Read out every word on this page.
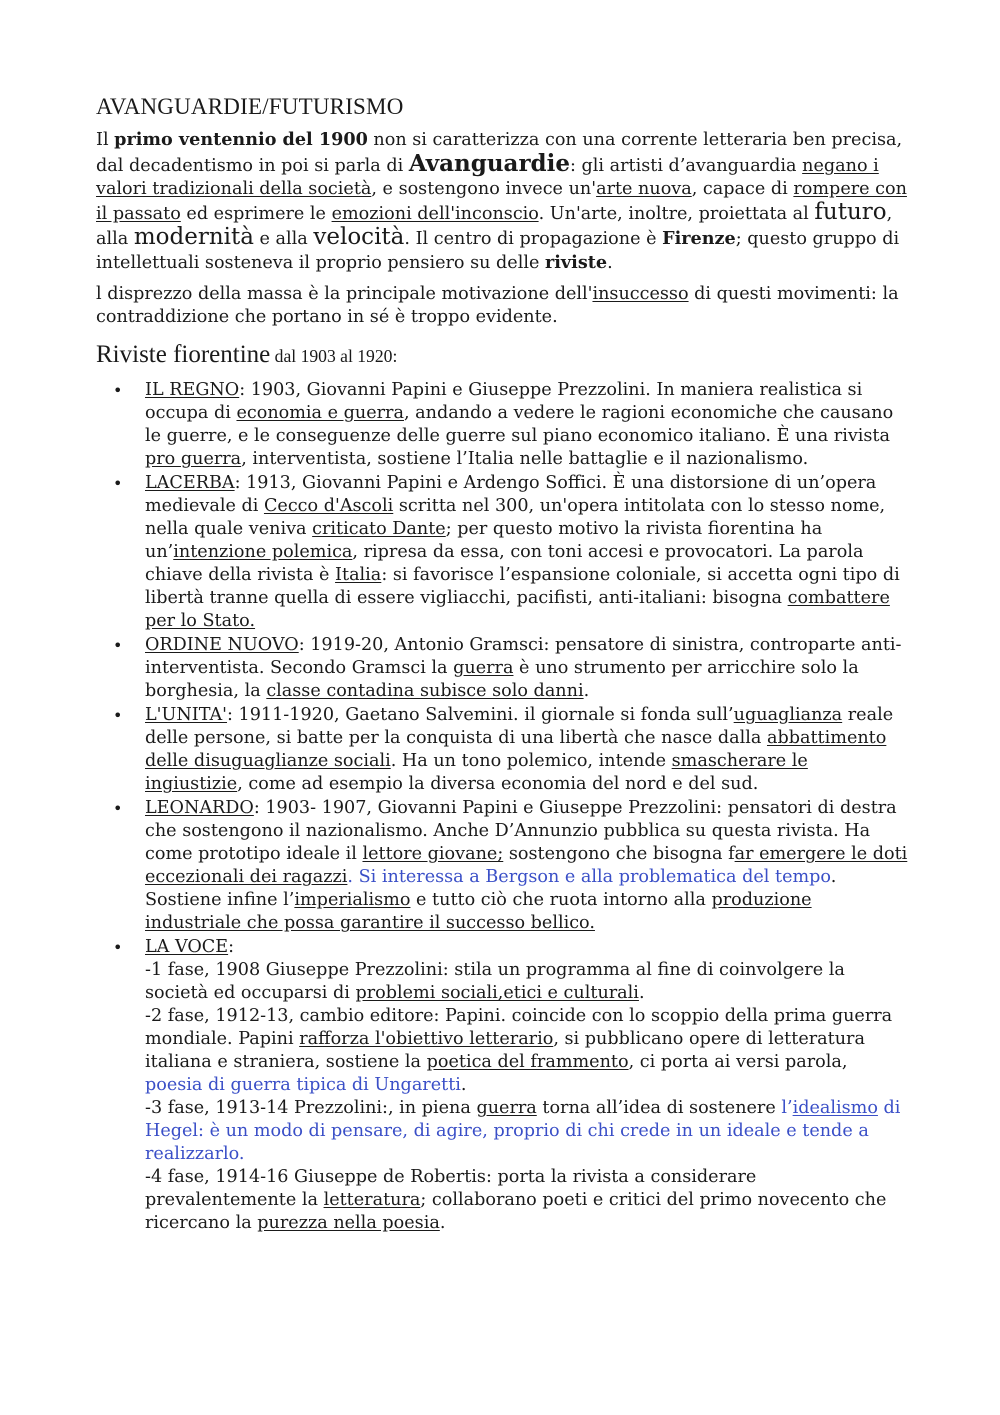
AVANGUARDIE/FUTURISMO

Il primo ventennio del 1900 non si caratterizza con una corrente letteraria ben precisa, dal decadentismo in poi si parla di Avanguardie: gli artisti d’avanguardia negano i valori tradizionali della società, e sostengono invece un'arte nuova, capace di rompere con il passato ed esprimere le emozioni dell'inconscio. Un'arte, inoltre, proiettata al futuro, alla modernità e alla velocità. Il centro di propagazione è Firenze; questo gruppo di intellettuali sosteneva il proprio pensiero su delle riviste.

l disprezzo della massa è la principale motivazione dell'insuccesso di questi movimenti: la contraddizione che portano in sé è troppo evidente.

Riviste fiorentine dal 1903 al 1920:
• IL REGNO: 1903, Giovanni Papini e Giuseppe Prezzolini. In maniera realistica si occupa di economia e guerra, andando a vedere le ragioni economiche che causano le guerre, e le conseguenze delle guerre sul piano economico italiano. È una rivista pro guerra, interventista, sostiene l’Italia nelle battaglie e il nazionalismo.
• LACERBA: 1913, Giovanni Papini e Ardengo Soffici. È una distorsione di un’opera medievale di Cecco d'Ascoli scritta nel 300, un'opera intitolata con lo stesso nome, nella quale veniva criticato Dante; per questo motivo la rivista fiorentina ha un’intenzione polemica, ripresa da essa, con toni accesi e provocatori. La parola chiave della rivista è Italia: si favorisce l’espansione coloniale, si accetta ogni tipo di libertà tranne quella di essere vigliacchi, pacifisti, anti-italiani: bisogna combattere per lo Stato.
• ORDINE NUOVO: 1919-20, Antonio Gramsci: pensatore di sinistra, controparte anti-interventista. Secondo Gramsci la guerra è uno strumento per arricchire solo la borghesia, la classe contadina subisce solo danni.
• L'UNITA': 1911-1920, Gaetano Salvemini. il giornale si fonda sull’uguaglianza reale delle persone, si batte per la conquista di una libertà che nasce dalla abbattimento delle disuguaglianze sociali. Ha un tono polemico, intende smascherare le ingiustizie, come ad esempio la diversa economia del nord e del sud.
• LEONARDO: 1903- 1907, Giovanni Papini e Giuseppe Prezzolini: pensatori di destra che sostengono il nazionalismo. Anche D’Annunzio pubblica su questa rivista. Ha come prototipo ideale il lettore giovane; sostengono che bisogna far emergere le doti eccezionali dei ragazzi. Si interessa a Bergson e alla problematica del tempo. Sostiene infine l’imperialismo e tutto ciò che ruota intorno alla produzione industriale che possa garantire il successo bellico.
• LA VOCE:
-1 fase, 1908 Giuseppe Prezzolini: stila un programma al fine di coinvolgere la società ed occuparsi di problemi sociali,etici e culturali.
-2 fase, 1912-13, cambio editore: Papini. coincide con lo scoppio della prima guerra mondiale. Papini rafforza l'obiettivo letterario, si pubblicano opere di letteratura italiana e straniera, sostiene la poetica del frammento, ci porta ai versi parola, poesia di guerra tipica di Ungaretti.
-3 fase, 1913-14 Prezzolini:, in piena guerra torna all’idea di sostenere l’idealismo di Hegel: è un modo di pensare, di agire, proprio di chi crede in un ideale e tende a realizzarlo.
-4 fase, 1914-16 Giuseppe de Robertis: porta la rivista a considerare prevalentemente la letteratura; collaborano poeti e critici del primo novecento che ricercano la purezza nella poesia.
